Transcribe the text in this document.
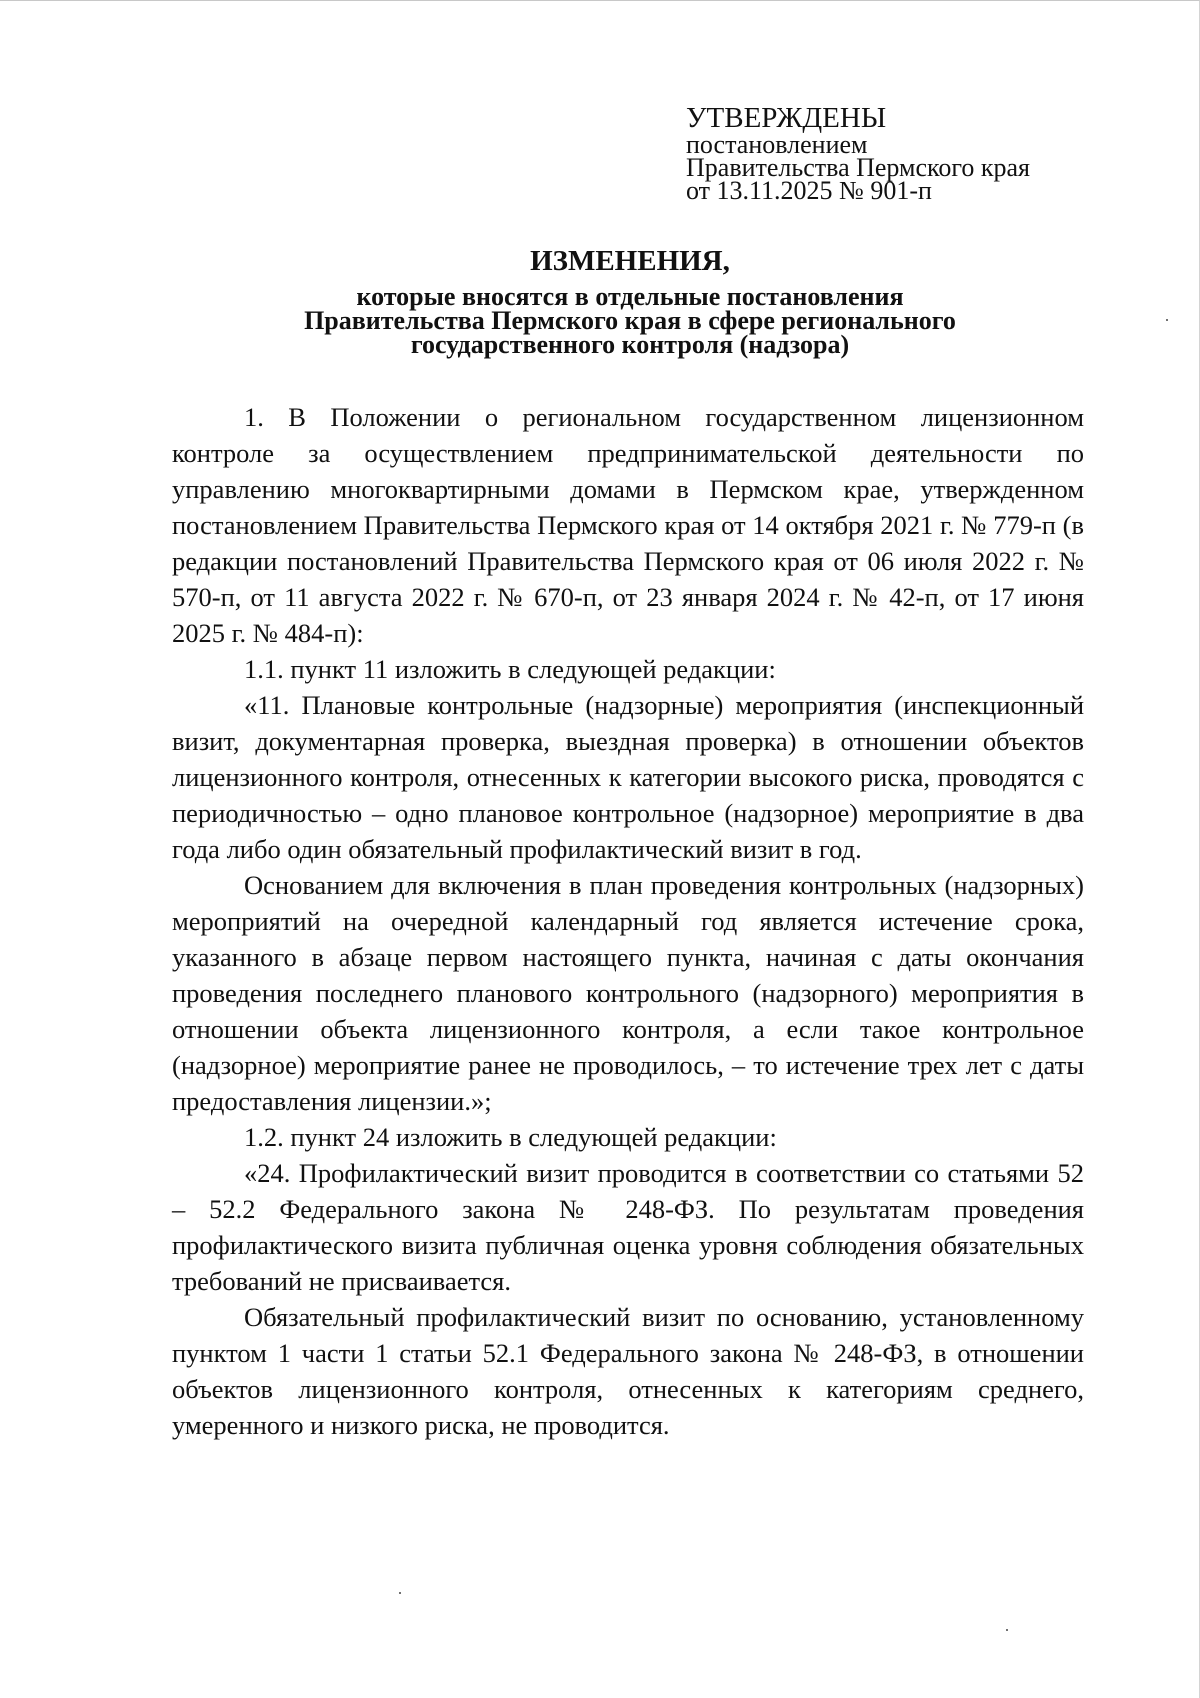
УТВЕРЖДЕНЫ
постановлением
Правительства Пермского края
от 13.11.2025 № 901-п
ИЗМЕНЕНИЯ,
которые вносятся в отдельные постановления
Правительства Пермского края в сфере регионального
государственного контроля (надзора)

1. В Положении о региональном государственном лицензионном контроле за осуществлением предпринимательской деятельности по управлению многоквартирными домами в Пермском крае, утвержденном постановлением Правительства Пермского края от 14 октября 2021 г. № 779-п (в редакции постановлений Правительства Пермского края от 06 июля 2022 г. № 570-п, от 11 августа 2022 г. № 670-п, от 23 января 2024 г. № 42-п, от 17 июня 2025 г. № 484-п):

1.1. пункт 11 изложить в следующей редакции:

«11. Плановые контрольные (надзорные) мероприятия (инспекционный визит, документарная проверка, выездная проверка) в отношении объектов лицензионного контроля, отнесенных к категории высокого риска, проводятся с периодичностью – одно плановое контрольное (надзорное) мероприятие в два года либо один обязательный профилактический визит в год.

Основанием для включения в план проведения контрольных (надзорных) мероприятий на очередной календарный год является истечение срока, указанного в абзаце первом настоящего пункта, начиная с даты окончания проведения последнего планового контрольного (надзорного) мероприятия в отношении объекта лицензионного контроля, а если такое контрольное (надзорное) мероприятие ранее не проводилось, – то истечение трех лет с даты предоставления лицензии.»;

1.2. пункт 24 изложить в следующей редакции:

«24. Профилактический визит проводится в соответствии со статьями 52 – 52.2 Федерального закона № 248-ФЗ. По результатам проведения профилактического визита публичная оценка уровня соблюдения обязательных требований не присваивается.

Обязательный профилактический визит по основанию, установленному пунктом 1 части 1 статьи 52.1 Федерального закона № 248-ФЗ, в отношении объектов лицензионного контроля, отнесенных к категориям среднего, умеренного и низкого риска, не проводится.
